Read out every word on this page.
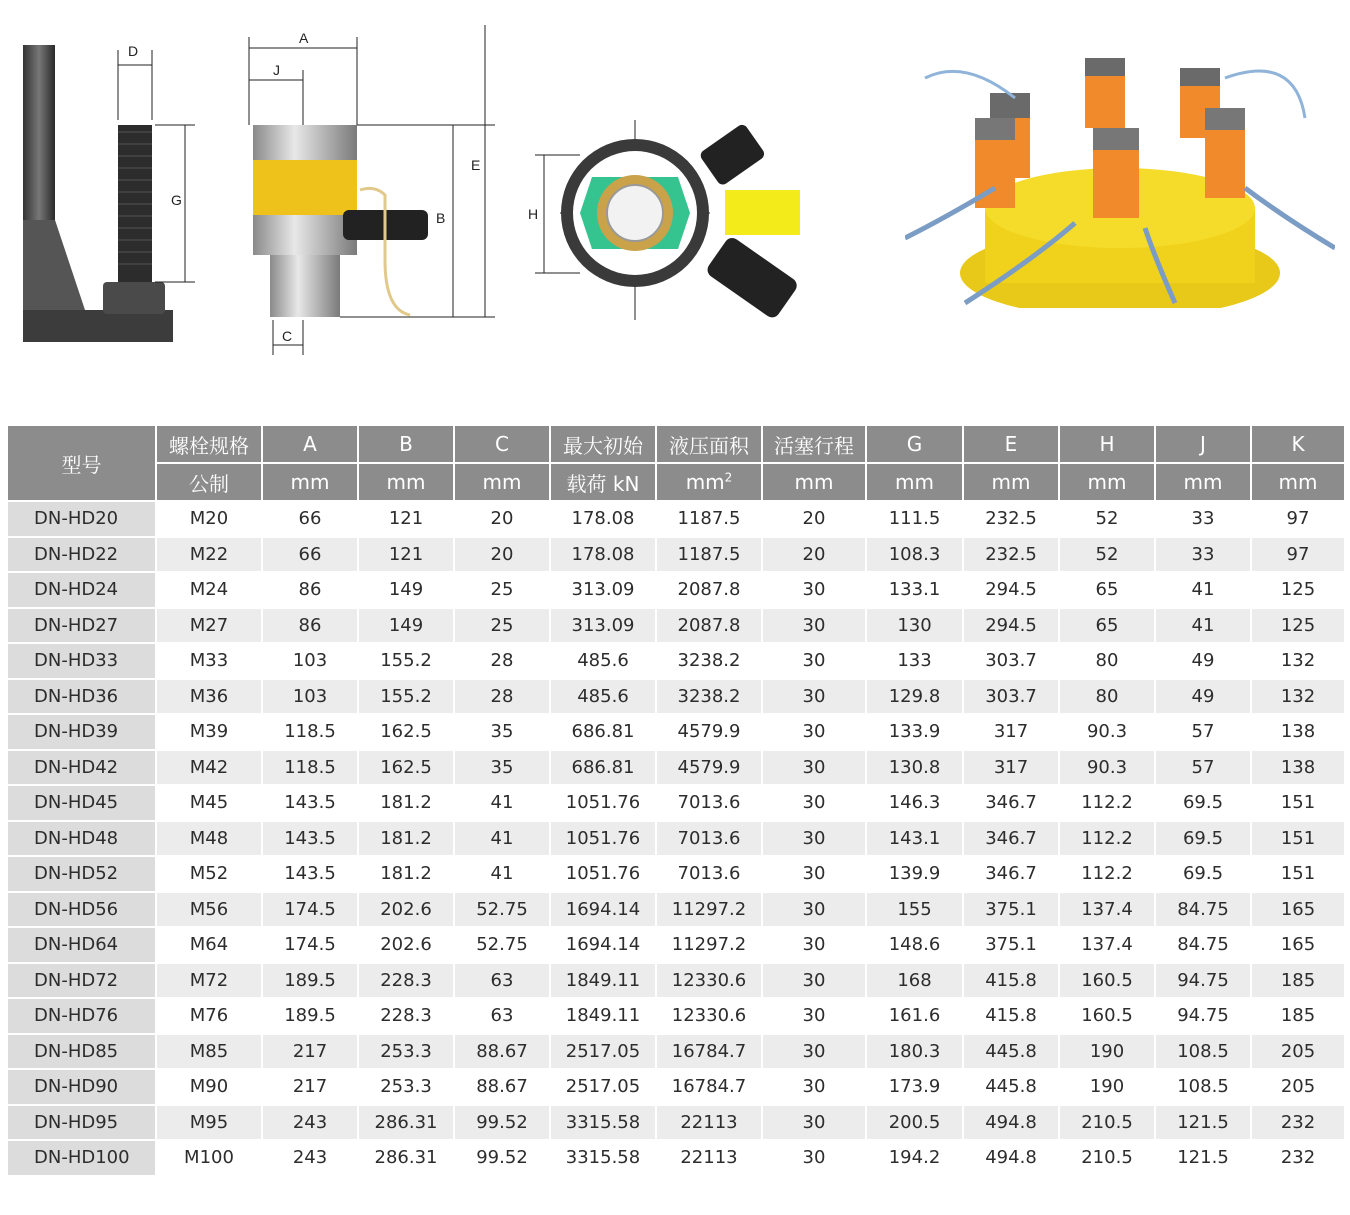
D
G
A
J
B
E
C
H
型号	螺栓规格	A	B	C	最大初始	液压面积	活塞行程	G	E	H	J	K
	公制	mm	mm	mm	载荷 kN	$mm^2$	mm	mm	mm	mm	mm	mm
DN-HD20	M20	66	121	20	178.08	1187.5	20	111.5	232.5	52	33	97
DN-HD22	M22	66	121	20	178.08	1187.5	20	108.3	232.5	52	33	97
DN-HD24	M24	86	149	25	313.09	2087.8	30	133.1	294.5	65	41	125
DN-HD27	M27	86	149	25	313.09	2087.8	30	130	294.5	65	41	125
DN-HD33	M33	103	155.2	28	485.6	3238.2	30	133	303.7	80	49	132
DN-HD36	M36	103	155.2	28	485.6	3238.2	30	129.8	303.7	80	49	132
DN-HD39	M39	118.5	162.5	35	686.81	4579.9	30	133.9	317	90.3	57	138
DN-HD42	M42	118.5	162.5	35	686.81	4579.9	30	130.8	317	90.3	57	138
DN-HD45	M45	143.5	181.2	41	1051.76	7013.6	30	146.3	346.7	112.2	69.5	151
DN-HD48	M48	143.5	181.2	41	1051.76	7013.6	30	143.1	346.7	112.2	69.5	151
DN-HD52	M52	143.5	181.2	41	1051.76	7013.6	30	139.9	346.7	112.2	69.5	151
DN-HD56	M56	174.5	202.6	52.75	1694.14	11297.2	30	155	375.1	137.4	84.75	165
DN-HD64	M64	174.5	202.6	52.75	1694.14	11297.2	30	148.6	375.1	137.4	84.75	165
DN-HD72	M72	189.5	228.3	63	1849.11	12330.6	30	168	415.8	160.5	94.75	185
DN-HD76	M76	189.5	228.3	63	1849.11	12330.6	30	161.6	415.8	160.5	94.75	185
DN-HD85	M85	217	253.3	88.67	2517.05	16784.7	30	180.3	445.8	190	108.5	205
DN-HD90	M90	217	253.3	88.67	2517.05	16784.7	30	173.9	445.8	190	108.5	205
DN-HD95	M95	243	286.31	99.52	3315.58	22113	30	200.5	494.8	210.5	121.5	232
DN-HD100	M100	243	286.31	99.52	3315.58	22113	30	194.2	494.8	210.5	121.5	232
